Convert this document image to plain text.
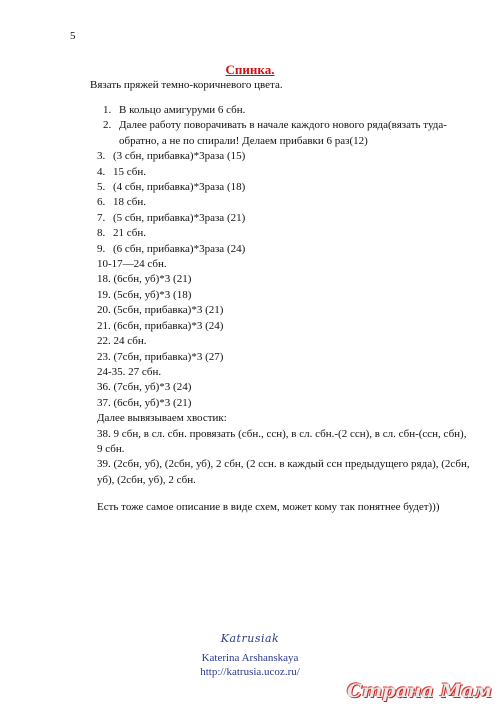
5
Спинка.
Вязать пряжей темно-коричневого цвета.
1. В кольцо амигуруми 6 сбн.
2. Далее работу поворачивать в начале каждого нового ряда(вязать туда-обратно, а не по спирали! Делаем прибавки 6 раз(12)
3. (3 сбн, прибавка)*3раза (15)
4. 15 сбн.
5. (4 сбн, прибавка)*3раза (18)
6. 18 сбн.
7. (5 сбн, прибавка)*3раза (21)
8. 21 сбн.
9. (6 сбн, прибавка)*3раза (24)
10-17—24 сбн.
18. (6сбн, уб)*3 (21)
19. (5сбн, уб)*3 (18)
20. (5сбн, прибавка)*3 (21)
21. (6сбн, прибавка)*3 (24)
22. 24 сбн.
23. (7сбн, прибавка)*3 (27)
24-35. 27 сбн.
36. (7сбн, уб)*3 (24)
37. (6сбн, уб)*3 (21)
Далее вывязываем хвостик:
38. 9 сбн, в сл. сбн. провязать (сбн., ссн), в сл. сбн.-(2 ссн), в сл. сбн-(ссн, сбн), 9 сбн.
39. (2сбн, уб), (2сбн, уб), 2 сбн, (2 ссн. в каждый ссн предыдущего ряда), (2сбн, уб), (2сбн, уб), 2 сбн.
Есть тоже самое описание в виде схем, может кому так понятнее будет)))
Katrusiak
Katerina Arshanskaya
http://katrusia.ucoz.ru/
Страна Мам
